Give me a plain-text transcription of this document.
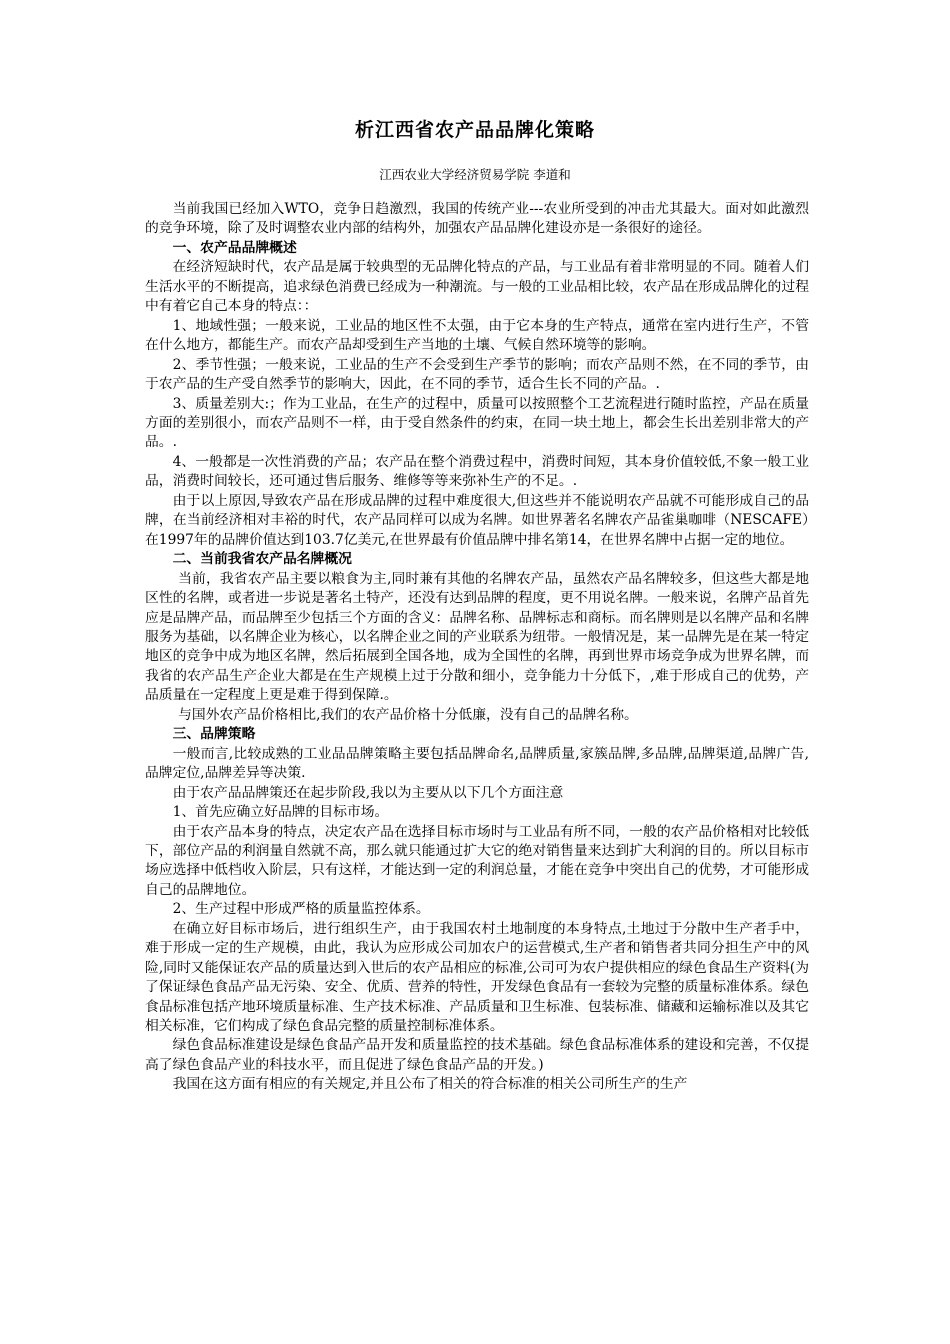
析江西省农产品品牌化策略
江西农业大学经济贸易学院 李道和

当前我国已经加入WTO，竞争日趋激烈，我国的传统产业---农业所受到的冲击尤其最大。面对如此激烈的竞争环境，除了及时调整农业内部的结构外，加强农产品品牌化建设亦是一条很好的途径。

一、农产品品牌概述

在经济短缺时代，农产品是属于较典型的无品牌化特点的产品，与工业品有着非常明显的不同。随着人们生活水平的不断提高，追求绿色消费已经成为一种潮流。与一般的工业品相比较，农产品在形成品牌化的过程中有着它自己本身的特点：：

1、地域性强；一般来说，工业品的地区性不太强，由于它本身的生产特点，通常在室内进行生产，不管在什么地方，都能生产。而农产品却受到生产当地的土壤、气候自然环境等的影响。

2、季节性强；一般来说，工业品的生产不会受到生产季节的影响；而农产品则不然，在不同的季节，由于农产品的生产受自然季节的影响大，因此，在不同的季节，适合生长不同的产品。.

3、质量差别大:；作为工业品，在生产的过程中，质量可以按照整个工艺流程进行随时监控，产品在质量方面的差别很小，而农产品则不一样，由于受自然条件的约束，在同一块土地上，都会生长出差别非常大的产品。.

4、一般都是一次性消费的产品；农产品在整个消费过程中，消费时间短，其本身价值较低,不象一般工业品，消费时间较长，还可通过售后服务、维修等等来弥补生产的不足。.

由于以上原因,导致农产品在形成品牌的过程中难度很大,但这些并不能说明农产品就不可能形成自己的品牌，在当前经济相对丰裕的时代，农产品同样可以成为名牌。如世界著名名牌农产品雀巢咖啡（NESCAFE）在1997年的品牌价值达到103.7亿美元,在世界最有价值品牌中排名第14，在世界名牌中占据一定的地位。

二、当前我省农产品名牌概况

当前，我省农产品主要以粮食为主,同时兼有其他的名牌农产品，虽然农产品名牌较多，但这些大都是地区性的名牌，或者进一步说是著名土特产，还没有达到品牌的程度，更不用说名牌。一般来说，名牌产品首先应是品牌产品，而品牌至少包括三个方面的含义：品牌名称、品牌标志和商标。而名牌则是以名牌产品和名牌服务为基础，以名牌企业为核心，以名牌企业之间的产业联系为纽带。一般情况是，某一品牌先是在某一特定地区的竞争中成为地区名牌，然后拓展到全国各地，成为全国性的名牌，再到世界市场竞争成为世界名牌，而我省的农产品生产企业大都是在生产规模上过于分散和细小，竞争能力十分低下，,难于形成自己的优势，产品质量在一定程度上更是难于得到保障.。

与国外农产品价格相比,我们的农产品价格十分低廉，没有自己的品牌名称。

三、品牌策略

一般而言,比较成熟的工业品品牌策略主要包括品牌命名,品牌质量,家簇品牌,多品牌,品牌渠道,品牌广告,品牌定位,品牌差异等决策.

由于农产品品牌策还在起步阶段,我以为主要从以下几个方面注意

1、首先应确立好品牌的目标市场。

由于农产品本身的特点，决定农产品在选择目标市场时与工业品有所不同，一般的农产品价格相对比较低下，部位产品的利润量自然就不高，那么就只能通过扩大它的绝对销售量来达到扩大利润的目的。所以目标市场应选择中低档收入阶层，只有这样，才能达到一定的利润总量，才能在竞争中突出自己的优势，才可能形成自己的品牌地位。

2、生产过程中形成严格的质量监控体系。

在确立好目标市场后，进行组织生产，由于我国农村土地制度的本身特点,土地过于分散中生产者手中，难于形成一定的生产规模，由此，我认为应形成公司加农户的运营模式,生产者和销售者共同分担生产中的风险,同时又能保证农产品的质量达到入世后的农产品相应的标准,公司可为农户提供相应的绿色食品生产资料(为了保证绿色食品产品无污染、安全、优质、营养的特性，开发绿色食品有一套较为完整的质量标准体系。绿色食品标准包括产地环境质量标准、生产技术标准、产品质量和卫生标准、包装标准、储藏和运输标准以及其它相关标准，它们构成了绿色食品完整的质量控制标准体系。

绿色食品标准建设是绿色食品产品开发和质量监控的技术基础。绿色食品标准体系的建设和完善，不仅提高了绿色食品产业的科技水平，而且促进了绿色食品产品的开发。)

我国在这方面有相应的有关规定,并且公布了相关的符合标准的相关公司所生产的生产
